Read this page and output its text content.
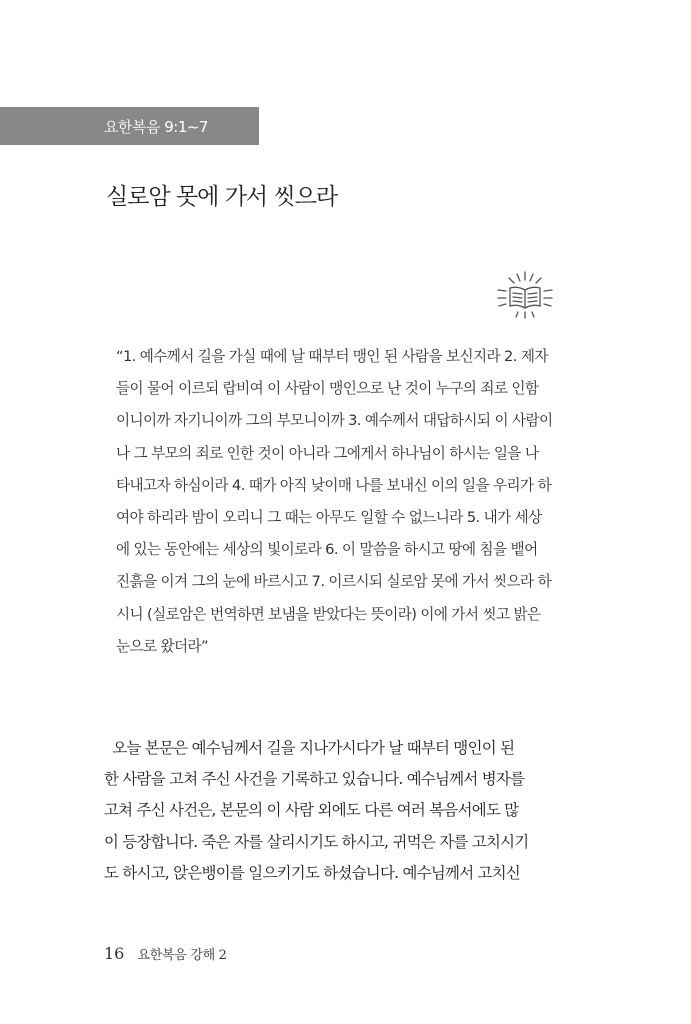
요한복음 9:1~7
실로암 못에 가서 씻으라
“1. 예수께서 길을 가실 때에 날 때부터 맹인 된 사람을 보신지라 2. 제자
들이 물어 이르되 랍비여 이 사람이 맹인으로 난 것이 누구의 죄로 인함
이니이까 자기니이까 그의 부모니이까 3. 예수께서 대답하시되 이 사람이
나 그 부모의 죄로 인한 것이 아니라 그에게서 하나님이 하시는 일을 나
타내고자 하심이라 4. 때가 아직 낮이매 나를 보내신 이의 일을 우리가 하
여야 하리라 밤이 오리니 그 때는 아무도 일할 수 없느니라 5. 내가 세상
에 있는 동안에는 세상의 빛이로라 6. 이 말씀을 하시고 땅에 침을 뱉어
진흙을 이겨 그의 눈에 바르시고 7. 이르시되 실로암 못에 가서 씻으라 하
시니 (실로암은 번역하면 보냄을 받았다는 뜻이라) 이에 가서 씻고 밝은
눈으로 왔더라”
오늘 본문은 예수님께서 길을 지나가시다가 날 때부터 맹인이 된
한 사람을 고쳐 주신 사건을 기록하고 있습니다. 예수님께서 병자를
고쳐 주신 사건은, 본문의 이 사람 외에도 다른 여러 복음서에도 많
이 등장합니다. 죽은 자를 살리시기도 하시고, 귀먹은 자를 고치시기
도 하시고, 앉은뱅이를 일으키기도 하셨습니다. 예수님께서 고치신
16 요한복음 강해 2
